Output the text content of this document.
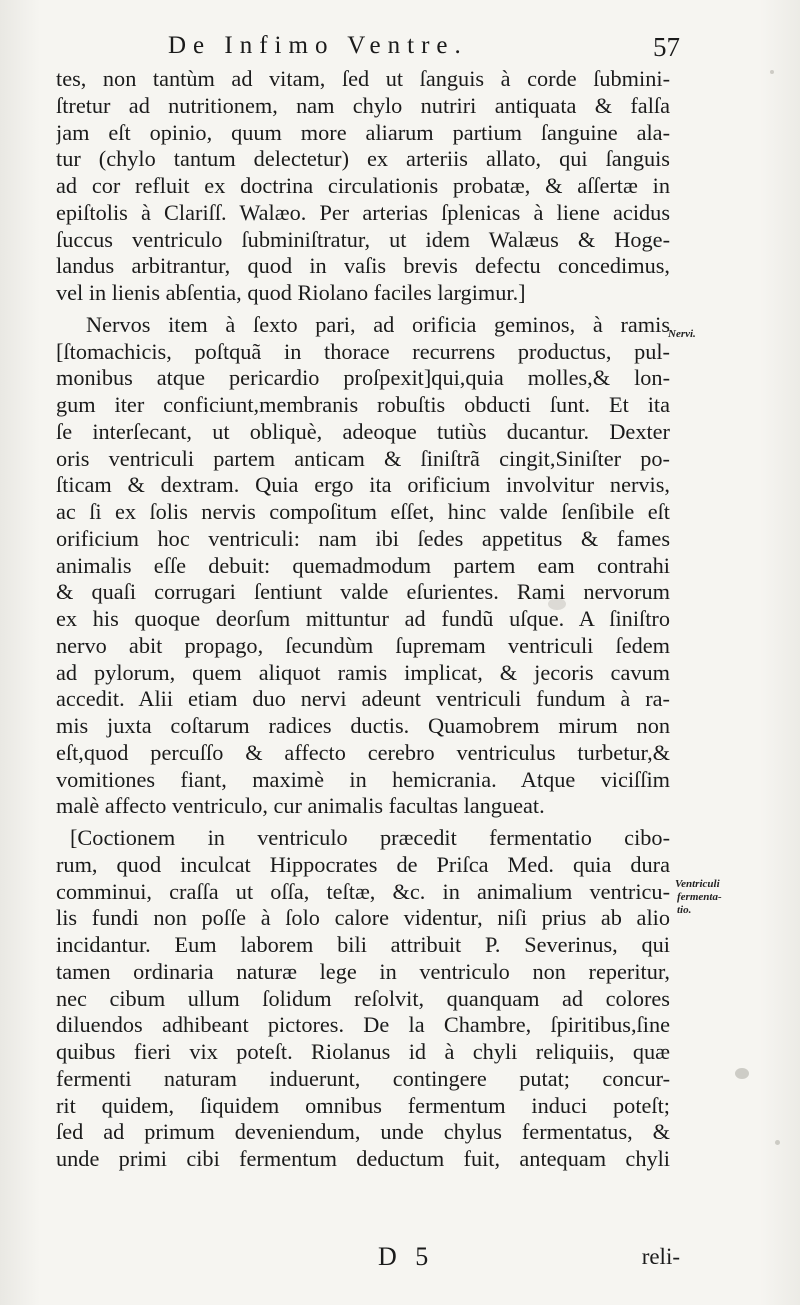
De Infimo Ventre.	57
tes, non tantùm ad vitam, ſed ut ſanguis à corde ſubmini-
ſtretur ad nutritionem, nam chylo nutriri antiquata & falſa
jam eſt opinio, quum more aliarum partium ſanguine ala-
tur (chylo tantum delectetur) ex arteriis allato, qui ſanguis
ad cor refluit ex doctrina circulationis probatæ, & aſſertæ in
epiſtolis à Clariſſ. Walæo. Per arterias ſplenicas à liene acidus
ſuccus ventriculo ſubminiſtratur, ut idem Walæus & Hoge-
landus arbitrantur, quod in vaſis brevis defectu concedimus,
vel in lienis abſentia, quod Riolano faciles largimur.]
Nervos item à ſexto pari, ad orificia geminos, à ramis
[ſtomachicis, poſtquã in thorace recurrens productus, pul-
monibus atque pericardio proſpexit]qui,quia molles,& lon-
gum iter conficiunt,membranis robuſtis obducti ſunt. Et ita
ſe interſecant, ut obliquè, adeoque tutiùs ducantur. Dexter
oris ventriculi partem anticam & ſiniſtrã cingit,Siniſter po-
ſticam & dextram. Quia ergo ita orificium involvitur nervis,
ac ſi ex ſolis nervis compoſitum eſſet, hinc valde ſenſibile eſt
orificium hoc ventriculi: nam ibi ſedes appetitus & fames
animalis eſſe debuit: quemadmodum partem eam contrahi
& quaſi corrugari ſentiunt valde eſurientes. Rami nervorum
ex his quoque deorſum mittuntur ad fundũ uſque. A ſiniſtro
nervo abit propago, ſecundùm ſupremam ventriculi ſedem
ad pylorum, quem aliquot ramis implicat, & jecoris cavum
accedit. Alii etiam duo nervi adeunt ventriculi fundum à ra-
mis juxta coſtarum radices ductis. Quamobrem mirum non
eſt,quod percuſſo & affecto cerebro ventriculus turbetur,&
vomitiones fiant, maximè in hemicrania. Atque viciſſim
malè affecto ventriculo, cur animalis facultas langueat.
[Coctionem in ventriculo præcedit fermentatio cibo-
rum, quod inculcat Hippocrates de Priſca Med. quia dura
comminui, craſſa ut oſſa, teſtæ, &c. in animalium ventricu-
lis fundi non poſſe à ſolo calore videntur, niſi prius ab alio
incidantur. Eum laborem bili attribuit P. Severinus, qui
tamen ordinaria naturæ lege in ventriculo non reperitur,
nec cibum ullum ſolidum reſolvit, quanquam ad colores
diluendos adhibeant pictores. De la Chambre, ſpiritibus,ſine
quibus fieri vix poteſt. Riolanus id à chyli reliquiis, quæ
fermenti naturam induerunt, contingere putat; concur-
rit quidem, ſiquidem omnibus fermentum induci poteſt;
ſed ad primum deveniendum, unde chylus fermentatus, &
unde primi cibi fermentum deductum fuit, antequam chyli
Nervi.
Ventriculi
fermenta-
tio.
D 5	reli-
